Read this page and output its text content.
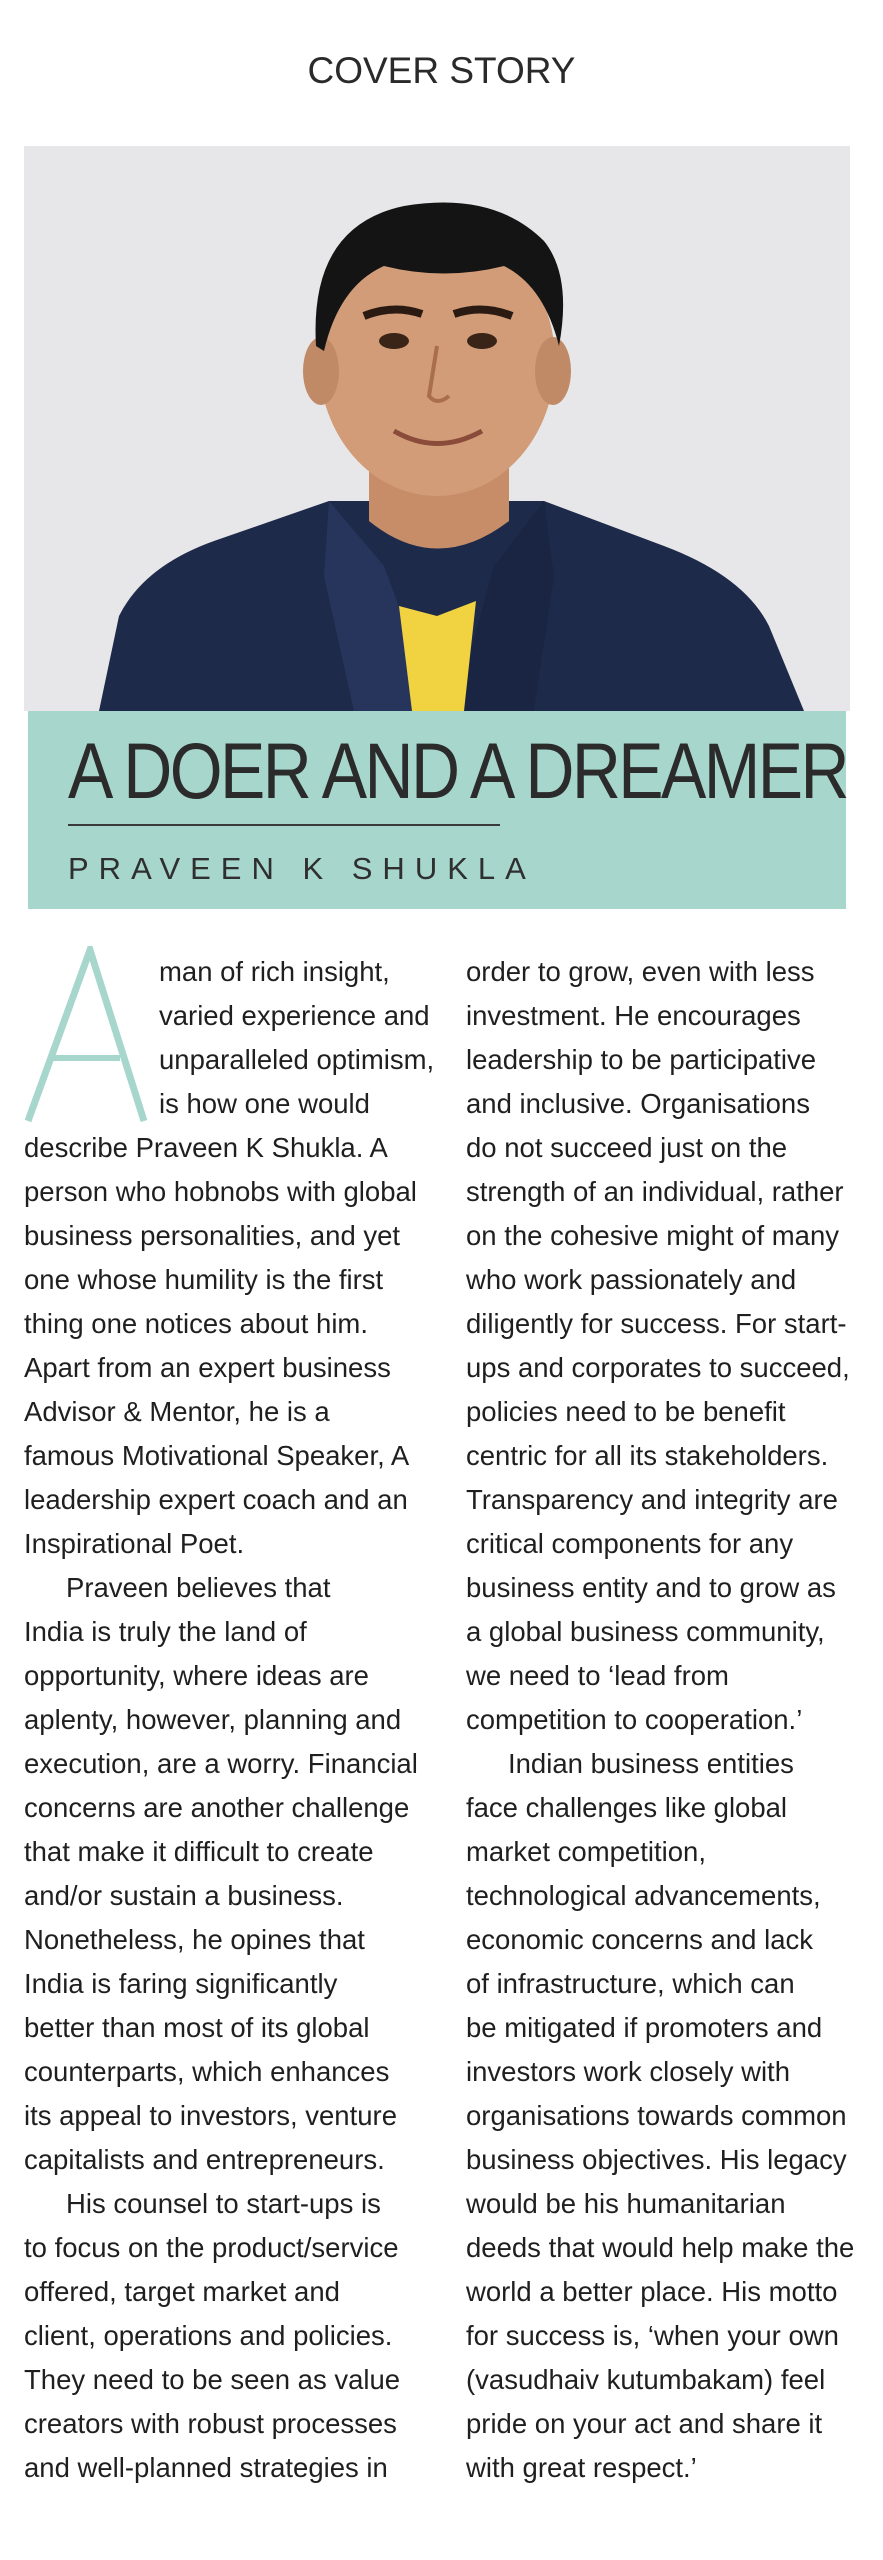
COVER STORY
A DOER AND A DREAMER
PRAVEEN K SHUKLA
man of rich insight,
varied experience and
unparalleled optimism,
is how one would
describe Praveen K Shukla. A
person who hobnobs with global
business personalities, and yet
one whose humility is the first
thing one notices about him.
Apart from an expert business
Advisor & Mentor, he is a
famous Motivational Speaker, A
leadership expert coach and an
Inspirational Poet.
Praveen believes that
India is truly the land of
opportunity, where ideas are
aplenty, however, planning and
execution, are a worry. Financial
concerns are another challenge
that make it difficult to create
and/or sustain a business.
Nonetheless, he opines that
India is faring significantly
better than most of its global
counterparts, which enhances
its appeal to investors, venture
capitalists and entrepreneurs.
His counsel to start-ups is
to focus on the product/service
offered, target market and
client, operations and policies.
They need to be seen as value
creators with robust processes
and well-planned strategies in
order to grow, even with less
investment. He encourages
leadership to be participative
and inclusive. Organisations
do not succeed just on the
strength of an individual, rather
on the cohesive might of many
who work passionately and
diligently for success. For start-
ups and corporates to succeed,
policies need to be benefit
centric for all its stakeholders.
Transparency and integrity are
critical components for any
business entity and to grow as
a global business community,
we need to ‘lead from
competition to cooperation.’
Indian business entities
face challenges like global
market competition,
technological advancements,
economic concerns and lack
of infrastructure, which can
be mitigated if promoters and
investors work closely with
organisations towards common
business objectives. His legacy
would be his humanitarian
deeds that would help make the
world a better place. His motto
for success is, ‘when your own
(vasudhaiv kutumbakam) feel
pride on your act and share it
with great respect.’
